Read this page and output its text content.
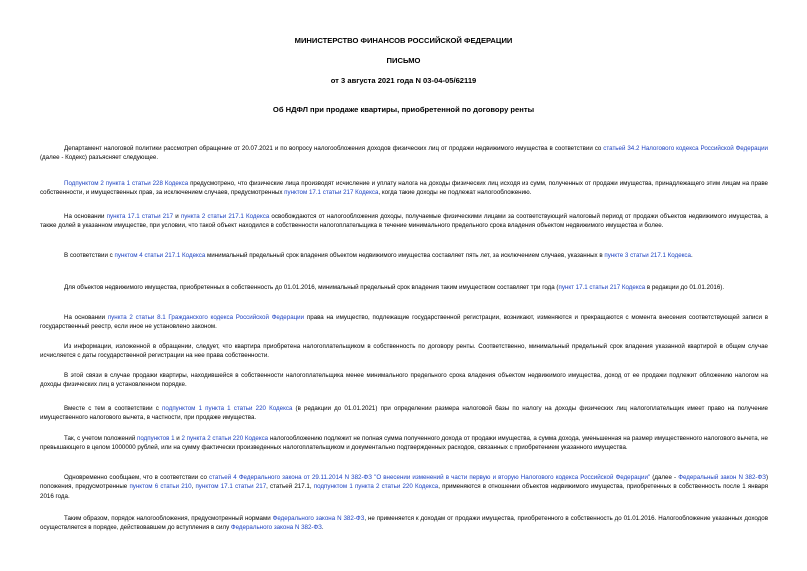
МИНИСТЕРСТВО ФИНАНСОВ РОССИЙСКОЙ ФЕДЕРАЦИИ
ПИСЬМО
от 3 августа 2021 года N 03-04-05/62119
Об НДФЛ при продаже квартиры, приобретенной по договору ренты
Департамент налоговой политики рассмотрел обращение от 20.07.2021 и по вопросу налогообложения доходов физических лиц от продажи недвижимого имущества в соответствии со статьей 34.2 Налогового кодекса Российской Федерации (далее - Кодекс) разъясняет следующее.
Подпунктом 2 пункта 1 статьи 228 Кодекса предусмотрено, что физические лица производят исчисление и уплату налога на доходы физических лиц исходя из сумм, полученных от продажи имущества, принадлежащего этим лицам на праве собственности, и имущественных прав, за исключением случаев, предусмотренных пунктом 17.1 статьи 217 Кодекса, когда такие доходы не подлежат налогообложению.
На основании пункта 17.1 статьи 217 и пункта 2 статьи 217.1 Кодекса освобождаются от налогообложения доходы, получаемые физическими лицами за соответствующий налоговый период от продажи объектов недвижимого имущества, а также долей в указанном имуществе, при условии, что такой объект находился в собственности налогоплательщика в течение минимального предельного срока владения объектом недвижимого имущества и более.
В соответствии с пунктом 4 статьи 217.1 Кодекса минимальный предельный срок владения объектом недвижимого имущества составляет пять лет, за исключением случаев, указанных в пункте 3 статьи 217.1 Кодекса.
Для объектов недвижимого имущества, приобретенных в собственность до 01.01.2016, минимальный предельный срок владения таким имуществом составляет три года (пункт 17.1 статьи 217 Кодекса в редакции до 01.01.2016).
На основании пункта 2 статьи 8.1 Гражданского кодекса Российской Федерации права на имущество, подлежащие государственной регистрации, возникают, изменяются и прекращаются с момента внесения соответствующей записи в государственный реестр, если иное не установлено законом.
Из информации, изложенной в обращении, следует, что квартира приобретена налогоплательщиком в собственность по договору ренты. Соответственно, минимальный предельный срок владения указанной квартирой в общем случае исчисляется с даты государственной регистрации на нее права собственности.
В этой связи в случае продажи квартиры, находившейся в собственности налогоплательщика менее минимального предельного срока владения объектом недвижимого имущества, доход от ее продажи подлежит обложению налогом на доходы физических лиц в установленном порядке.
Вместе с тем в соответствии с подпунктом 1 пункта 1 статьи 220 Кодекса (в редакции до 01.01.2021) при определении размера налоговой базы по налогу на доходы физических лиц налогоплательщик имеет право на получение имущественного налогового вычета, в частности, при продаже имущества.
Так, с учетом положений подпунктов 1 и 2 пункта 2 статьи 220 Кодекса налогообложению подлежит не полная сумма полученного дохода от продажи имущества, а сумма дохода, уменьшенная на размер имущественного налогового вычета, не превышающего в целом 1000000 рублей, или на сумму фактически произведенных налогоплательщиком и документально подтвержденных расходов, связанных с приобретением указанного имущества.
Одновременно сообщаем, что в соответствии со статьей 4 Федерального закона от 29.11.2014 N 382-ФЗ "О внесении изменений в части первую и вторую Налогового кодекса Российской Федерации" (далее - Федеральный закон N 382-ФЗ) положения, предусмотренные пунктом 6 статьи 210, пунктом 17.1 статьи 217, статьей 217.1, подпунктом 1 пункта 2 статьи 220 Кодекса, применяются в отношении объектов недвижимого имущества, приобретенных в собственность после 1 января 2016 года.
Таким образом, порядок налогообложения, предусмотренный нормами Федерального закона N 382-ФЗ, не применяется к доходам от продажи имущества, приобретенного в собственность до 01.01.2016. Налогообложение указанных доходов осуществляется в порядке, действовавшем до вступления в силу Федерального закона N 382-ФЗ.
